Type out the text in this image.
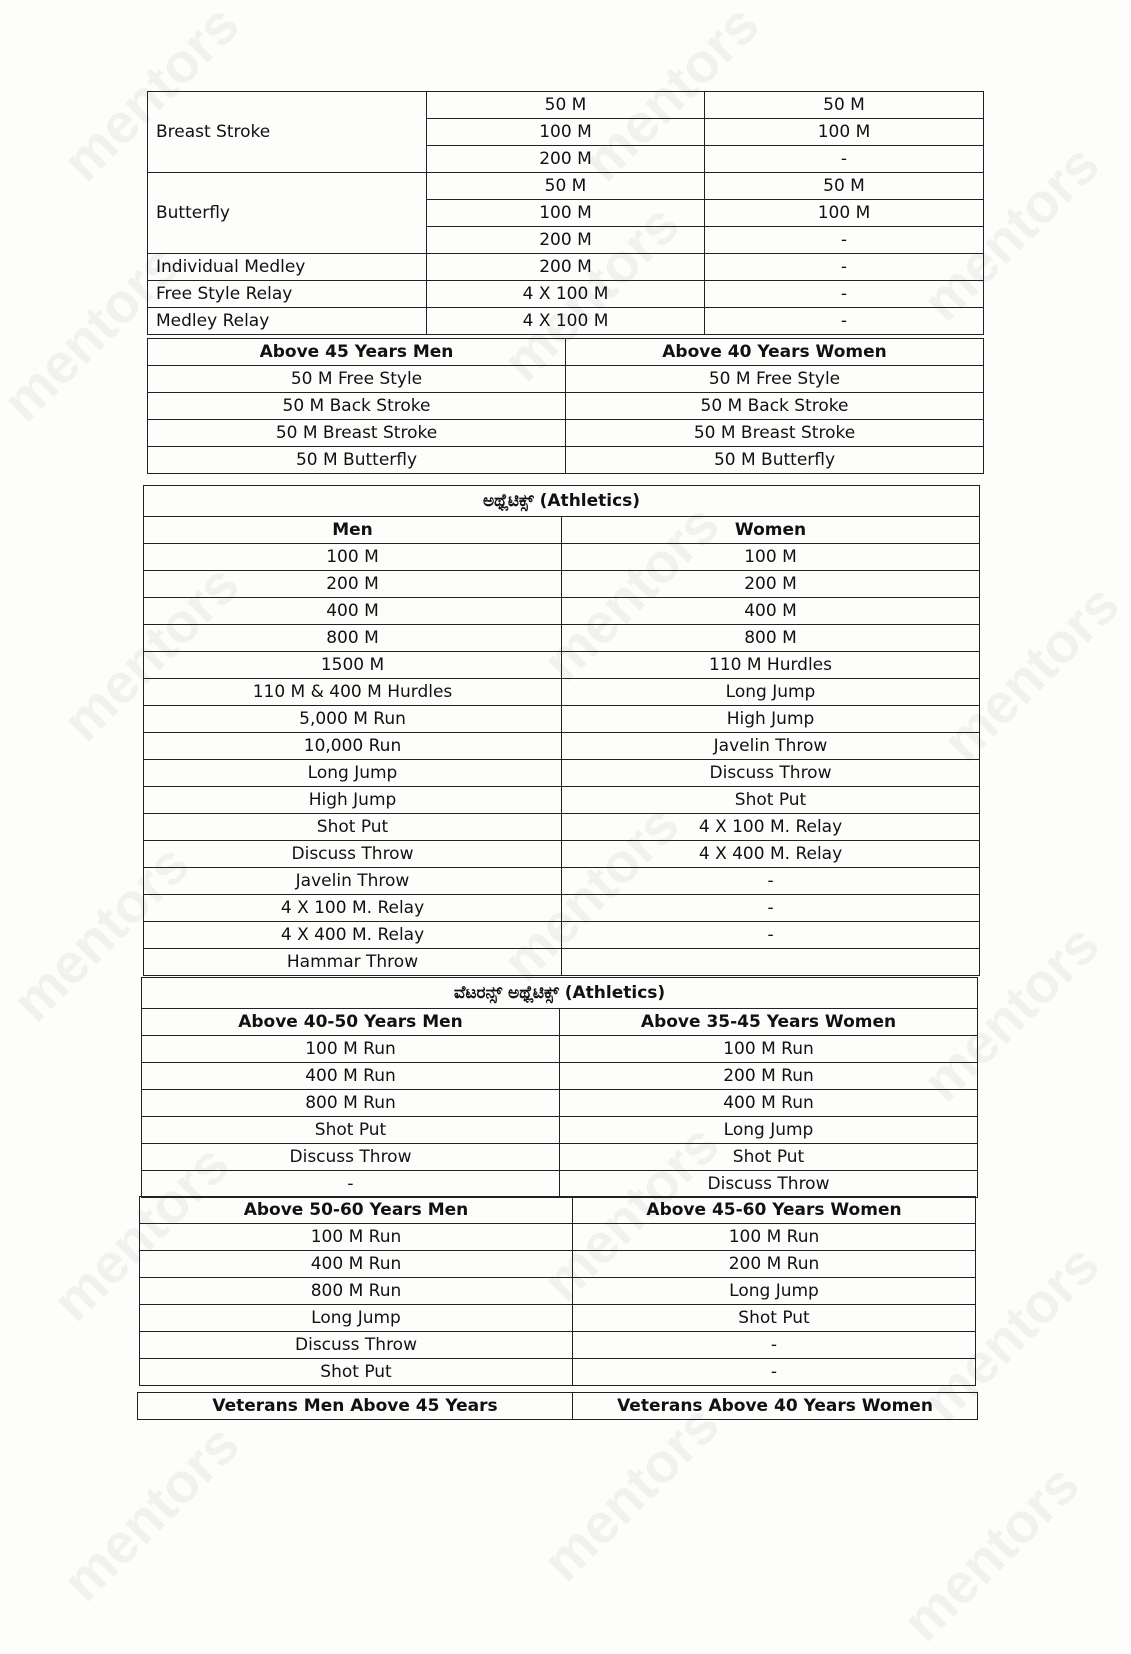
Breast Stroke	50 M	50 M
	100 M	100 M
	200 M	-
Butterfly	50 M	50 M
	100 M	100 M
	200 M	-
Individual Medley	200 M	-
Free Style Relay	4 X 100 M	-
Medley Relay	4 X 100 M	-
Above 45 Years Men	Above 40 Years Women
50 M Free Style	50 M Free Style
50 M Back Stroke	50 M Back Stroke
50 M Breast Stroke	50 M Breast Stroke
50 M Butterfly	50 M Butterfly
ಅಥ್ಲೆಟಿಕ್ಸ್ (Athletics)	
Men	Women
100 M	100 M
200 M	200 M
400 M	400 M
800 M	800 M
1500 M	110 M Hurdles
110 M & 400 M Hurdles	Long Jump
5,000 M Run	High Jump
10,000 Run	Javelin Throw
Long Jump	Discuss Throw
High Jump	Shot Put
Shot Put	4 X 100 M. Relay
Discuss Throw	4 X 400 M. Relay
Javelin Throw	-
4 X 100 M. Relay	-
4 X 400 M. Relay	-
Hammar Throw	
ವೆಟರನ್ಸ್ ಅಥ್ಲೆಟಿಕ್ಸ್ (Athletics)	
Above 40-50 Years Men	Above 35-45 Years Women
100 M Run	100 M Run
400 M Run	200 M Run
800 M Run	400 M Run
Shot Put	Long Jump
Discuss Throw	Shot Put
-	Discuss Throw
Above 50-60 Years Men	Above 45-60 Years Women
100 M Run	100 M Run
400 M Run	200 M Run
800 M Run	Long Jump
Long Jump	Shot Put
Discuss Throw	-
Shot Put	-
Veterans Men Above 45 Years	Veterans Above 40 Years Women
